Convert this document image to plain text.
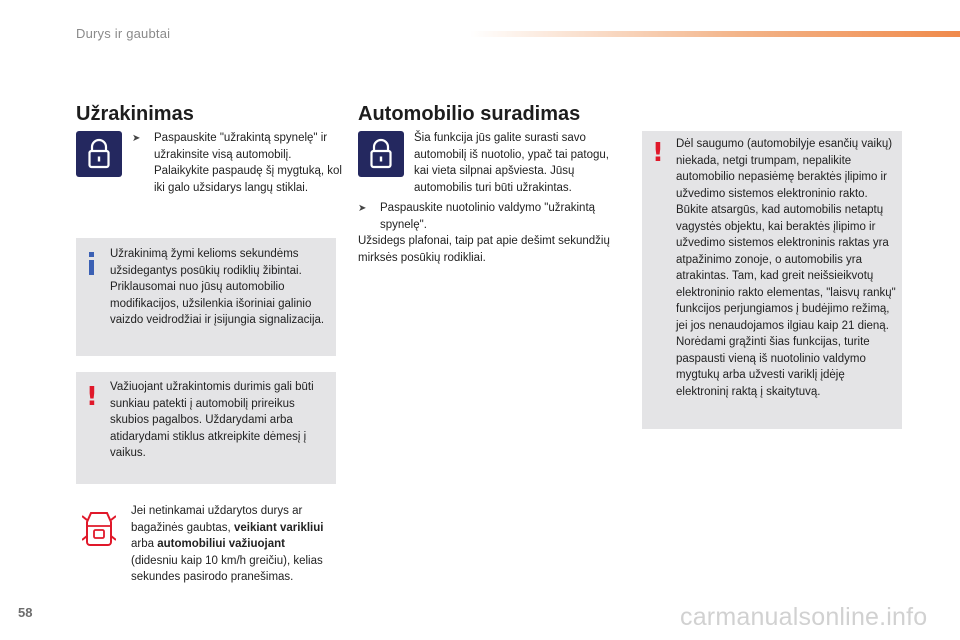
Durys ir gaubtai
Užrakinimas
➤	Paspauskite "užrakintą spynelę" ir užrakinsite visą automobilį. Palaikykite paspaudę šį mygtuką, kol iki galo užsidarys langų stiklai.
Užrakinimą žymi kelioms sekundėms užsidegantys posūkių rodiklių žibintai. Priklausomai nuo jūsų automobilio modifikacijos, užsilenkia išoriniai galinio vaizdo veidrodžiai ir įsijungia signalizacija.
! Važiuojant užrakintomis durimis gali būti sunkiau patekti į automobilį prireikus skubios pagalbos. Uždarydami arba atidarydami stiklus atkreipkite dėmesį į vaikus.
Jei netinkamai uždarytos durys ar bagažinės gaubtas, veikiant varikliui arba automobiliui važiuojant (didesniu kaip 10 km/h greičiu), kelias sekundes pasirodo pranešimas.
Automobilio suradimas
Šia funkcija jūs galite surasti savo automobilį iš nuotolio, ypač tai patogu, kai vieta silpnai apšviesta. Jūsų automobilis turi būti užrakintas.
➤	Paspauskite nuotolinio valdymo "užrakintą spynelę".
Užsidegs plafonai, taip pat apie dešimt sekundžių mirksės posūkių rodikliai.
! Dėl saugumo (automobilyje esančių vaikų) niekada, netgi trumpam, nepalikite automobilio nepasiėmę beraktės įlipimo ir užvedimo sistemos elektroninio rakto. Būkite atsargūs, kad automobilis netaptų vagystės objektu, kai beraktės įlipimo ir užvedimo sistemos elektroninis raktas yra atpažinimo zonoje, o automobilis yra atrakintas. Tam, kad greit neišsieikvotų elektroninio rakto elementas, "laisvų rankų" funkcijos perjungiamos į budėjimo režimą, jei jos nenaudojamos ilgiau kaip 21 dieną. Norėdami grąžinti šias funkcijas, turite paspausti vieną iš nuotolinio valdymo mygtukų arba užvesti variklį įdėję elektroninį raktą į skaitytuvą.
58	carmanualsonline.info
